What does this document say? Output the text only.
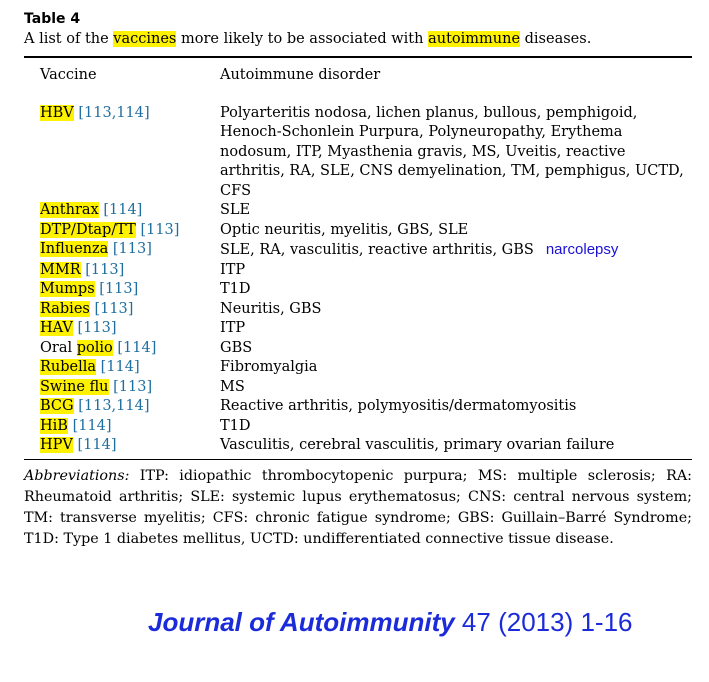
Table 4

A list of the vaccines more likely to be associated with autoimmune diseases.

Vaccine	Autoimmune disorder
HBV [113,114]	Polyarteritis nodosa, lichen planus, bullous, pemphigoid, Henoch-Schonlein Purpura, Polyneuropathy, Erythema nodosum, ITP, Myasthenia gravis, MS, Uveitis, reactive arthritis, RA, SLE, CNS demyelination, TM, pemphigus, UCTD, CFS
Anthrax [114]	SLE
DTP/Dtap/TT [113]	Optic neuritis, myelitis, GBS, SLE
Influenza [113]	SLE, RA, vasculitis, reactive arthritis, GBS narcolepsy
MMR [113]	ITP
Mumps [113]	T1D
Rabies [113]	Neuritis, GBS
HAV [113]	ITP
Oral polio [114]	GBS
Rubella [114]	Fibromyalgia
Swine flu [113]	MS
BCG [113,114]	Reactive arthritis, polymyositis/dermatomyositis
HiB [114]	T1D
HPV [114]	Vasculitis, cerebral vasculitis, primary ovarian failure

Abbreviations: ITP: idiopathic thrombocytopenic purpura; MS: multiple sclerosis; RA: Rheumatoid arthritis; SLE: systemic lupus erythematosus; CNS: central nervous system; TM: transverse myelitis; CFS: chronic fatigue syndrome; GBS: Guillain–Barré Syndrome; T1D: Type 1 diabetes mellitus, UCTD: undifferentiated connective tissue disease.

Journal of Autoimmunity 47 (2013) 1-16
